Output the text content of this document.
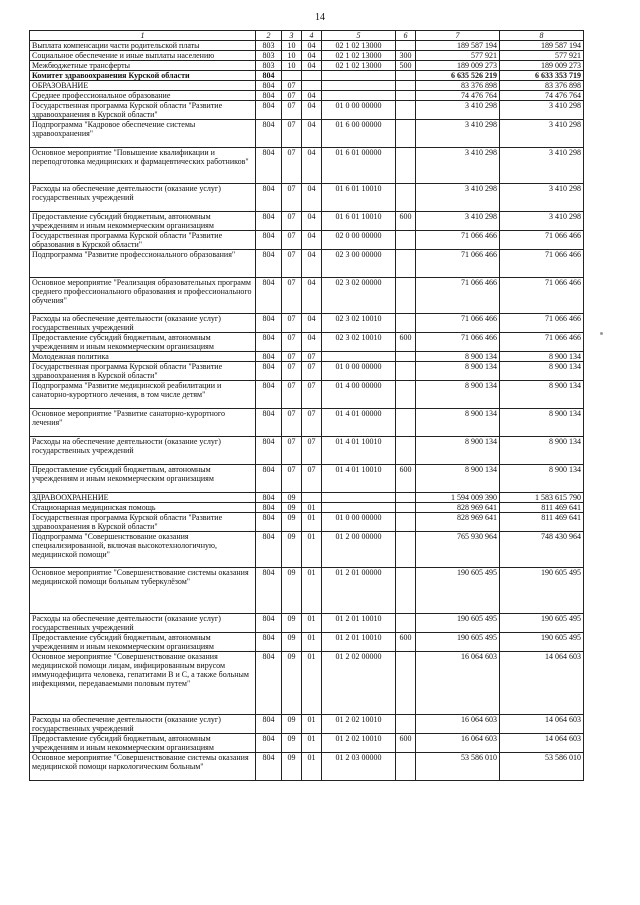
14
1	2	3	4	5	6	7	8
Выплата компенсации части родительской платы	803	10	04	02 1 02 13000		189 587 194	189 587 194
Социальное обеспечение и иные выплаты населению	803	10	04	02 1 02 13000	300	577 921	577 921
Межбюджетные трансферты	803	10	04	02 1 02 13000	500	189 009 273	189 009 273
Комитет здравоохранения Курской области	804					6 635 526 219	6 633 353 719
ОБРАЗОВАНИЕ	804	07				83 376 898	83 376 898
Среднее профессиональное образование	804	07	04			74 476 764	74 476 764
Государственная программа Курской области "Развитие здравоохранения в Курской области"	804	07	04	01 0 00 00000		3 410 298	3 410 298
Подпрограмма "Кадровое обеспечение системы здравоохранения"	804	07	04	01 6 00 00000		3 410 298	3 410 298
Основное мероприятие "Повышение квалификации и переподготовка медицинских и фармацевтических работников"	804	07	04	01 6 01 00000		3 410 298	3 410 298
Расходы на обеспечение деятельности (оказание услуг) государственных учреждений	804	07	04	01 6 01 10010		3 410 298	3 410 298
Предоставление субсидий бюджетным, автономным учреждениям и иным некоммерческим организациям	804	07	04	01 6 01 10010	600	3 410 298	3 410 298
Государственная программа Курской области "Развитие образования в Курской области"	804	07	04	02 0 00 00000		71 066 466	71 066 466
Подпрограмма "Развитие профессионального образования"	804	07	04	02 3 00 00000		71 066 466	71 066 466
Основное мероприятие "Реализация образовательных программ среднего профессионального образования и профессионального обучения"	804	07	04	02 3 02 00000		71 066 466	71 066 466
Расходы на обеспечение деятельности (оказание услуг) государственных учреждений	804	07	04	02 3 02 10010		71 066 466	71 066 466
Предоставление субсидий бюджетным, автономным учреждениям и иным некоммерческим организациям	804	07	04	02 3 02 10010	600	71 066 466	71 066 466
Молодежная политика	804	07	07			8 900 134	8 900 134
Государственная программа Курской области "Развитие здравоохранения в Курской области"	804	07	07	01 0 00 00000		8 900 134	8 900 134
Подпрограмма "Развитие медицинской реабилитации и санаторно-курортного лечения, в том числе детям"	804	07	07	01 4 00 00000		8 900 134	8 900 134
Основное мероприятие "Развитие санаторно-курортного лечения"	804	07	07	01 4 01 00000		8 900 134	8 900 134
Расходы на обеспечение деятельности (оказание услуг) государственных учреждений	804	07	07	01 4 01 10010		8 900 134	8 900 134
Предоставление субсидий бюджетным, автономным учреждениям и иным некоммерческим организациям	804	07	07	01 4 01 10010	600	8 900 134	8 900 134
ЗДРАВООХРАНЕНИЕ	804	09				1 594 009 390	1 583 615 790
Стационарная медицинская помощь	804	09	01			828 969 641	811 469 641
Государственная программа Курской области "Развитие здравоохранения в Курской области"	804	09	01	01 0 00 00000		828 969 641	811 469 641
Подпрограмма "Совершенствование оказания специализированной, включая высокотехнологичную, медицинской помощи"	804	09	01	01 2 00 00000		765 930 964	748 430 964
Основное мероприятие "Совершенствование системы оказания медицинской помощи больным туберкулёзом"	804	09	01	01 2 01 00000		190 605 495	190 605 495
Расходы на обеспечение деятельности (оказание услуг) государственных учреждений	804	09	01	01 2 01 10010		190 605 495	190 605 495
Предоставление субсидий бюджетным, автономным учреждениям и иным некоммерческим организациям	804	09	01	01 2 01 10010	600	190 605 495	190 605 495
Основное мероприятие "Совершенствование оказания медицинской помощи лицам, инфицированным вирусом иммунодефицита человека, гепатитами В и С, а также больным инфекциями, передаваемыми половым путем"	804	09	01	01 2 02 00000		16 064 603	14 064 603
Расходы на обеспечение деятельности (оказание услуг) государственных учреждений	804	09	01	01 2 02 10010		16 064 603	14 064 603
Предоставление субсидий бюджетным, автономным учреждениям и иным некоммерческим организациям	804	09	01	01 2 02 10010	600	16 064 603	14 064 603
Основное мероприятие "Совершенствование системы оказания медицинской помощи наркологическим больным"	804	09	01	01 2 03 00000		53 586 010	53 586 010
